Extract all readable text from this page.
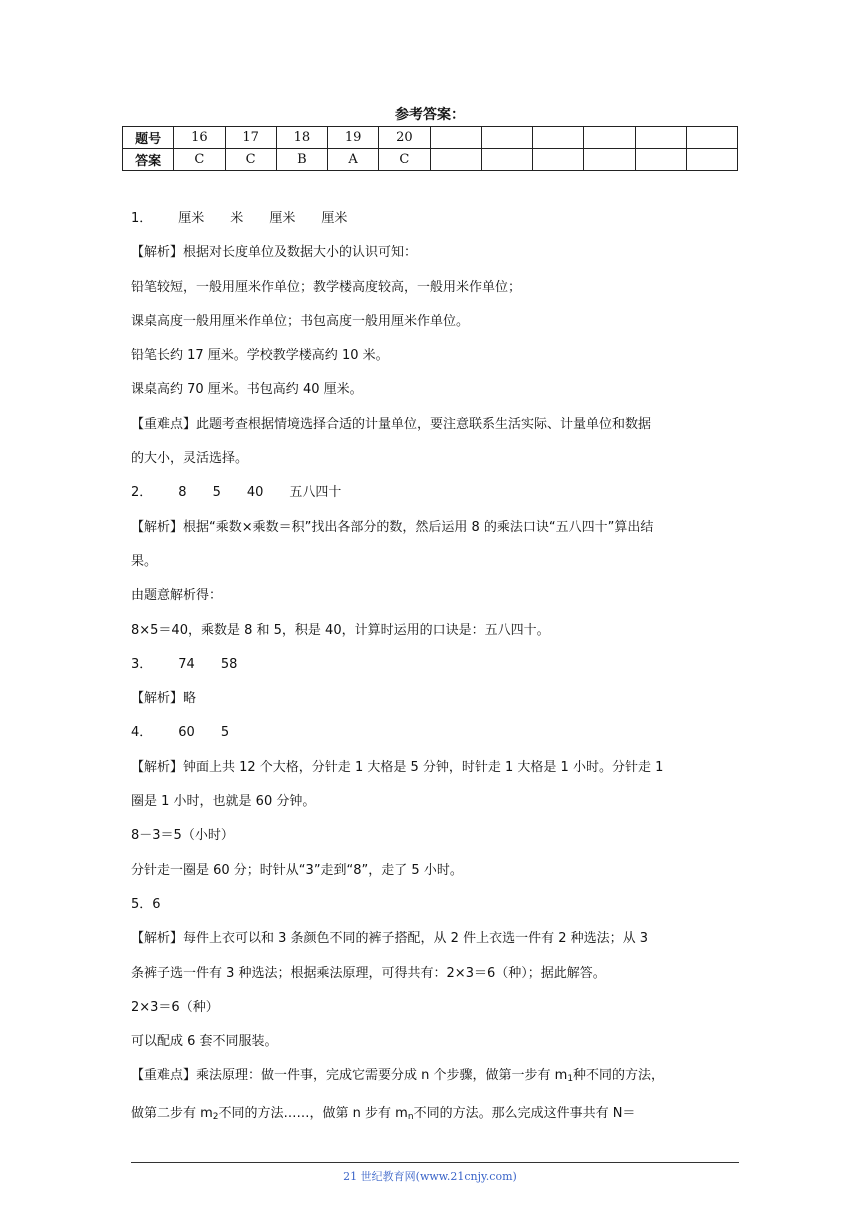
参考答案：
题号	16	17	18	19	20						
答案	C	C	B	A	C						

1． 厘米 米 厘米 厘米

【解析】根据对长度单位及数据大小的认识可知：

铅笔较短，一般用厘米作单位；教学楼高度较高，一般用米作单位；

课桌高度一般用厘米作单位；书包高度一般用厘米作单位。

铅笔长约 17 厘米。学校教学楼高约 10 米。

课桌高约 70 厘米。书包高约 40 厘米。

【重难点】此题考查根据情境选择合适的计量单位，要注意联系生活实际、计量单位和数据

的大小，灵活选择。

2． 8 5 40 五八四十

【解析】根据“乘数×乘数＝积”找出各部分的数，然后运用 8 的乘法口诀“五八四十”算出结

果。

由题意解析得：

8×5＝40，乘数是 8 和 5，积是 40，计算时运用的口诀是：五八四十。

3． 74 58

【解析】略

4． 60 5

【解析】钟面上共 12 个大格，分针走 1 大格是 5 分钟，时针走 1 大格是 1 小时。分针走 1

圈是 1 小时，也就是 60 分钟。

8－3＝5（小时）

分针走一圈是 60 分；时针从“3”走到“8”，走了 5 小时。

5．6

【解析】每件上衣可以和 3 条颜色不同的裤子搭配，从 2 件上衣选一件有 2 种选法；从 3

条裤子选一件有 3 种选法；根据乘法原理，可得共有：2×3＝6（种）；据此解答。

2×3＝6（种）

可以配成 6 套不同服装。

【重难点】乘法原理：做一件事，完成它需要分成 n 个步骤，做第一步有 $m_1$种不同的方法，

做第二步有 $m_2$不同的方法……，做第 n 步有 $m_n$不同的方法。那么完成这件事共有 N＝

21 世纪教育网(www.21cnjy.com)
